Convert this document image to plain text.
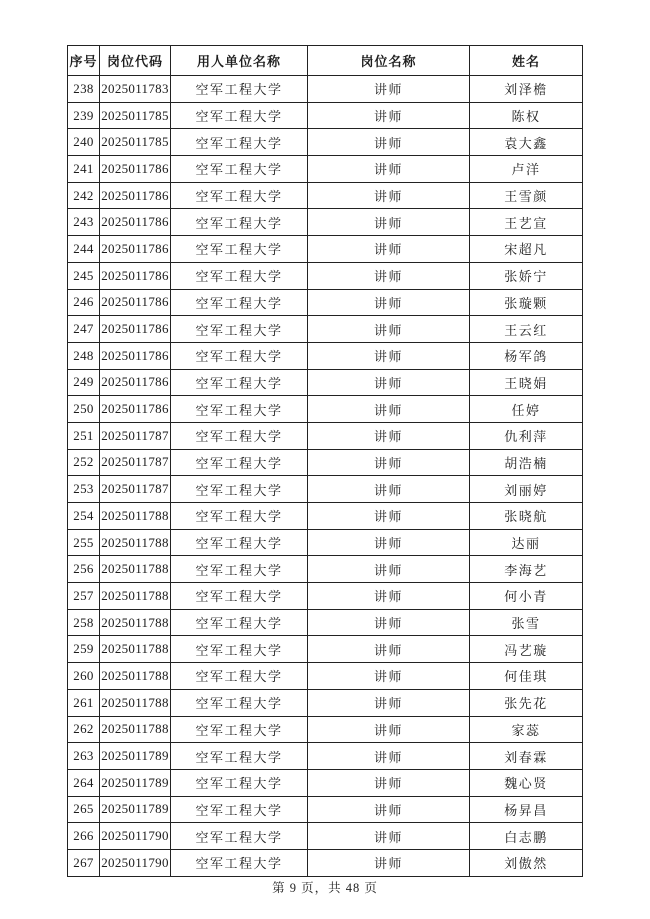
序号	岗位代码	用人单位名称	岗位名称	姓名
238	2025011783	空军工程大学	讲师	刘泽檐
239	2025011785	空军工程大学	讲师	陈权
240	2025011785	空军工程大学	讲师	袁大鑫
241	2025011786	空军工程大学	讲师	卢洋
242	2025011786	空军工程大学	讲师	王雪颜
243	2025011786	空军工程大学	讲师	王艺宣
244	2025011786	空军工程大学	讲师	宋超凡
245	2025011786	空军工程大学	讲师	张娇宁
246	2025011786	空军工程大学	讲师	张璇颗
247	2025011786	空军工程大学	讲师	王云红
248	2025011786	空军工程大学	讲师	杨军鸽
249	2025011786	空军工程大学	讲师	王晓娟
250	2025011786	空军工程大学	讲师	任婷
251	2025011787	空军工程大学	讲师	仇利萍
252	2025011787	空军工程大学	讲师	胡浩楠
253	2025011787	空军工程大学	讲师	刘丽婷
254	2025011788	空军工程大学	讲师	张晓航
255	2025011788	空军工程大学	讲师	达丽
256	2025011788	空军工程大学	讲师	李海艺
257	2025011788	空军工程大学	讲师	何小青
258	2025011788	空军工程大学	讲师	张雪
259	2025011788	空军工程大学	讲师	冯艺璇
260	2025011788	空军工程大学	讲师	何佳琪
261	2025011788	空军工程大学	讲师	张先花
262	2025011788	空军工程大学	讲师	家蕊
263	2025011789	空军工程大学	讲师	刘春霖
264	2025011789	空军工程大学	讲师	魏心贤
265	2025011789	空军工程大学	讲师	杨昇昌
266	2025011790	空军工程大学	讲师	白志鹏
267	2025011790	空军工程大学	讲师	刘傲然
第 9 页，共 48 页
